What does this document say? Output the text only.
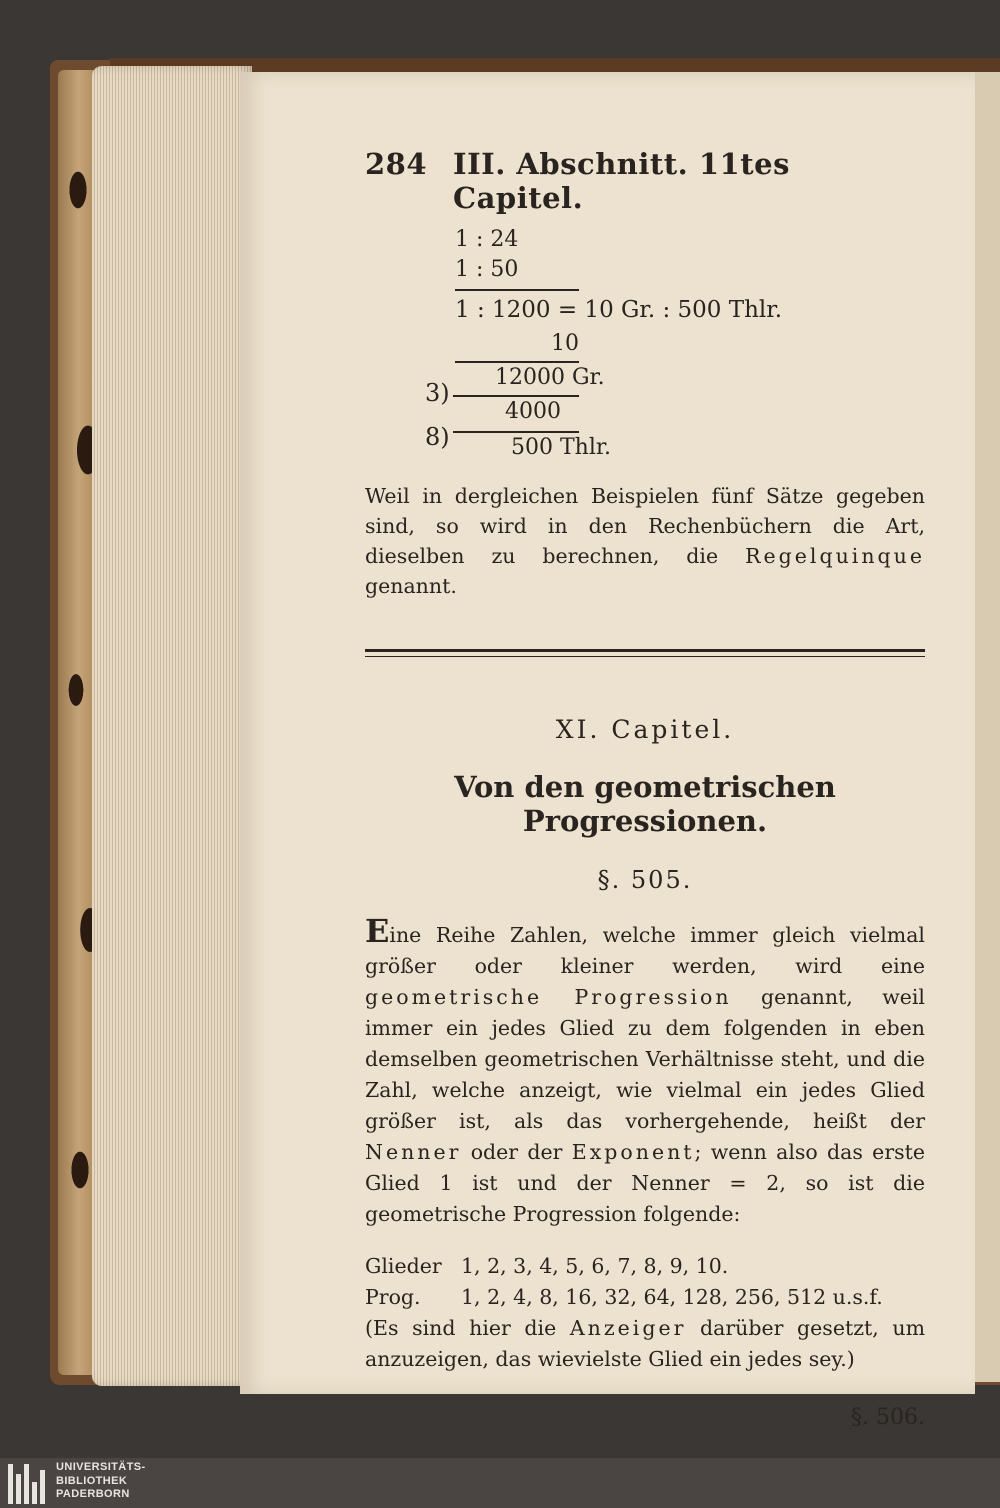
284 III. Abschnitt. 11tes Capitel.
1 : 24
1 : 50
1 : 1200 = 10 Gr. : 500 Thlr.
10
12000 Gr.
3)
4000
8)	500 Thlr.

Weil in dergleichen Beispielen fünf Sätze gegeben sind, so wird in den Rechenbüchern die Art, dieselben zu berechnen, die Regelquinque genannt.

XI. Capitel.
Von den geometrischen Progressionen.
§. 505.

Eine Reihe Zahlen, welche immer gleich vielmal größer oder kleiner werden, wird eine geometrische Progression genannt, weil immer ein jedes Glied zu dem folgenden in eben demselben geometrischen Verhältnisse steht, und die Zahl, welche anzeigt, wie vielmal ein jedes Glied größer ist, als das vorhergehende, heißt der Nenner oder der Exponent; wenn also das erste Glied 1 ist und der Nenner = 2, so ist die geometrische Progression folgende:

Glieder 1, 2, 3, 4, 5, 6, 7, 8, 9, 10.
Prog.	1, 2, 4, 8, 16, 32, 64, 128, 256, 512 u.s.f.

(Es sind hier die Anzeiger darüber gesetzt, um anzuzeigen, das wievielste Glied ein jedes sey.)

§. 506.
UNIVERSITÄTS-
BIBLIOTHEK
PADERBORN
